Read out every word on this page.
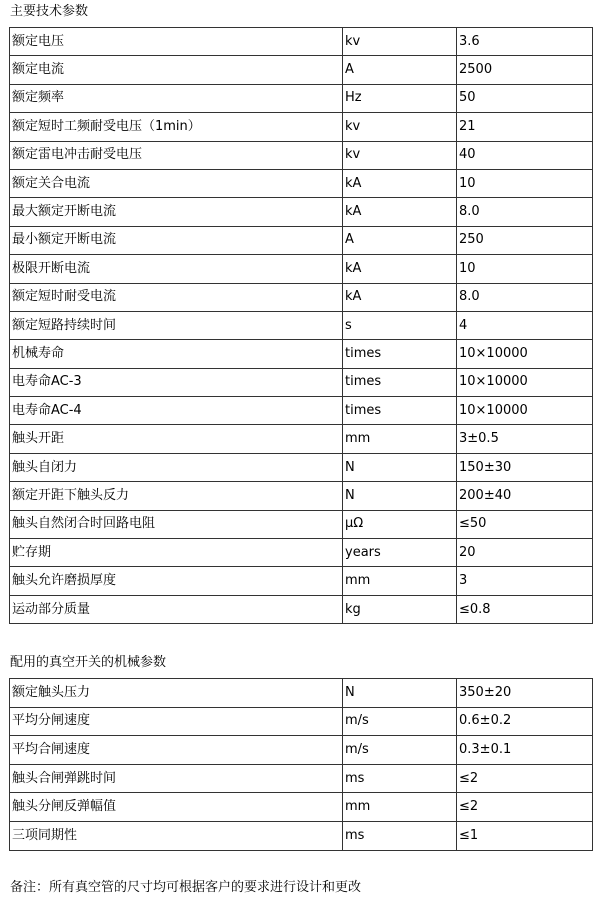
主要技术参数
额定电压	kv	3.6
额定电流	A	2500
额定频率	Hz	50
额定短时工频耐受电压（1min）	kv	21
额定雷电冲击耐受电压	kv	40
额定关合电流	kA	10
最大额定开断电流	kA	8.0
最小额定开断电流	A	250
极限开断电流	kA	10
额定短时耐受电流	kA	8.0
额定短路持续时间	s	4
机械寿命	times	10×10000
电寿命AC-3	times	10×10000
电寿命AC-4	times	10×10000
触头开距	mm	3±0.5
触头自闭力	N	150±30
额定开距下触头反力	N	200±40
触头自然闭合时回路电阻	μΩ	≤50
贮存期	years	20
触头允许磨损厚度	mm	3
运动部分质量	kg	≤0.8
配用的真空开关的机械参数
额定触头压力	N	350±20
平均分闸速度	m/s	0.6±0.2
平均合闸速度	m/s	0.3±0.1
触头合闸弹跳时间	ms	≤2
触头分闸反弹幅值	mm	≤2
三项同期性	ms	≤1
备注：所有真空管的尺寸均可根据客户的要求进行设计和更改
